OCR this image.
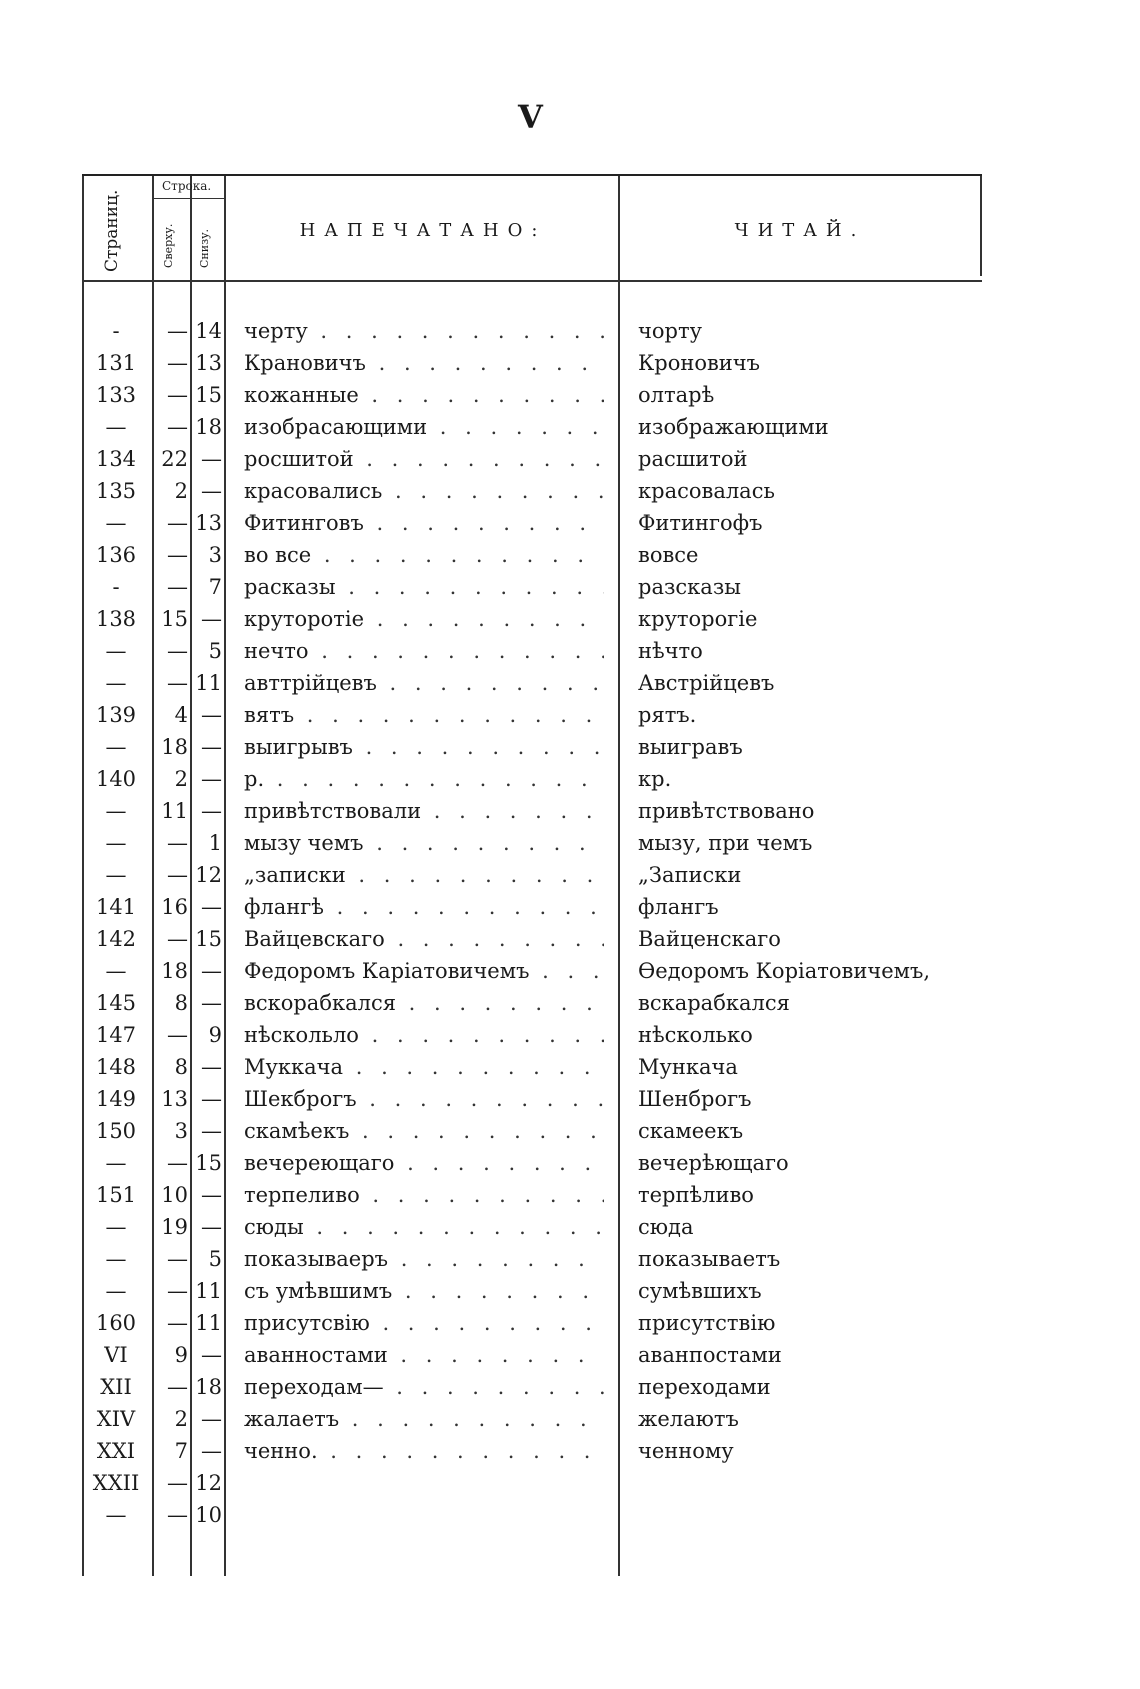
V
Страниц.
Строка.
Сверху. Снизу.	НАПЕЧАТАНО:	ЧИТАЙ.
-	— 14 черту . . .	чорту
131	— 13 Крановичъ . . .	Кроновичъ
133	— 15 кожанные . . .	олтарѣ
—	— 18 изобрасающими . . .	изображающими
134	22 — росшитой . . .	расшитой
135	2 — красовались . . .	красовалась
—	— 13 Фитинговъ . . .	Фитингофъ
136	— 3 во все . . .	вовсе
-	— 7 расказы . . .	разсказы
138	15 — круторотіе . . .	круторогіе
—	— 5 нечто . . .	нѣчто
—	— 11 авттрійцевъ . . .	Австрійцевъ
139	4 — вятъ . . .	рятъ.
—	18 — выигрывъ . . .	выигравъ
140	2 — р. . . .	кр.
—	11 — привѣтствовали . . .	привѣтствовано
—	— 1 мызу чемъ . . .	мызу, при чемъ
—	— 12 „записки . . .	„Записки
141	16 — флангѣ . . .	флангъ
142	— 15 Вайцевскаго . . .	Вайценскаго
—	18 — Федоромъ Каріатовичемъ . . .	Ѳедоромъ Коріатовичемъ,
145	8 — вскорабкался . . .	вскарабкался
147	— 9 нѣскольло . . .	нѣсколько
148	8 — Муккача . . .	Мункача
149	13 — Шекброгъ . . .	Шенброгъ
150	3 — скамѣекъ . . .	скамеекъ
—	— 15 вечереющаго . . .	вечерѣющаго
151	10 — терпеливо . . .	терпѣливо
—	19 — сюды . . .	сюда
—	— 5 показываеръ . . .	показываетъ
—	— 11 съ умѣвшимъ . . .	сумѣвшихъ
160	— 11 присутсвію . . .	присутствію
VI	9 — аванностами . . .	аванпостами
XII	— 18 переходам— . . .	переходами
XIV	2 — жалаетъ . . .	желаютъ
XXI	7 — ченно. . . .	ченному
XXII	— 12
—	— 10
